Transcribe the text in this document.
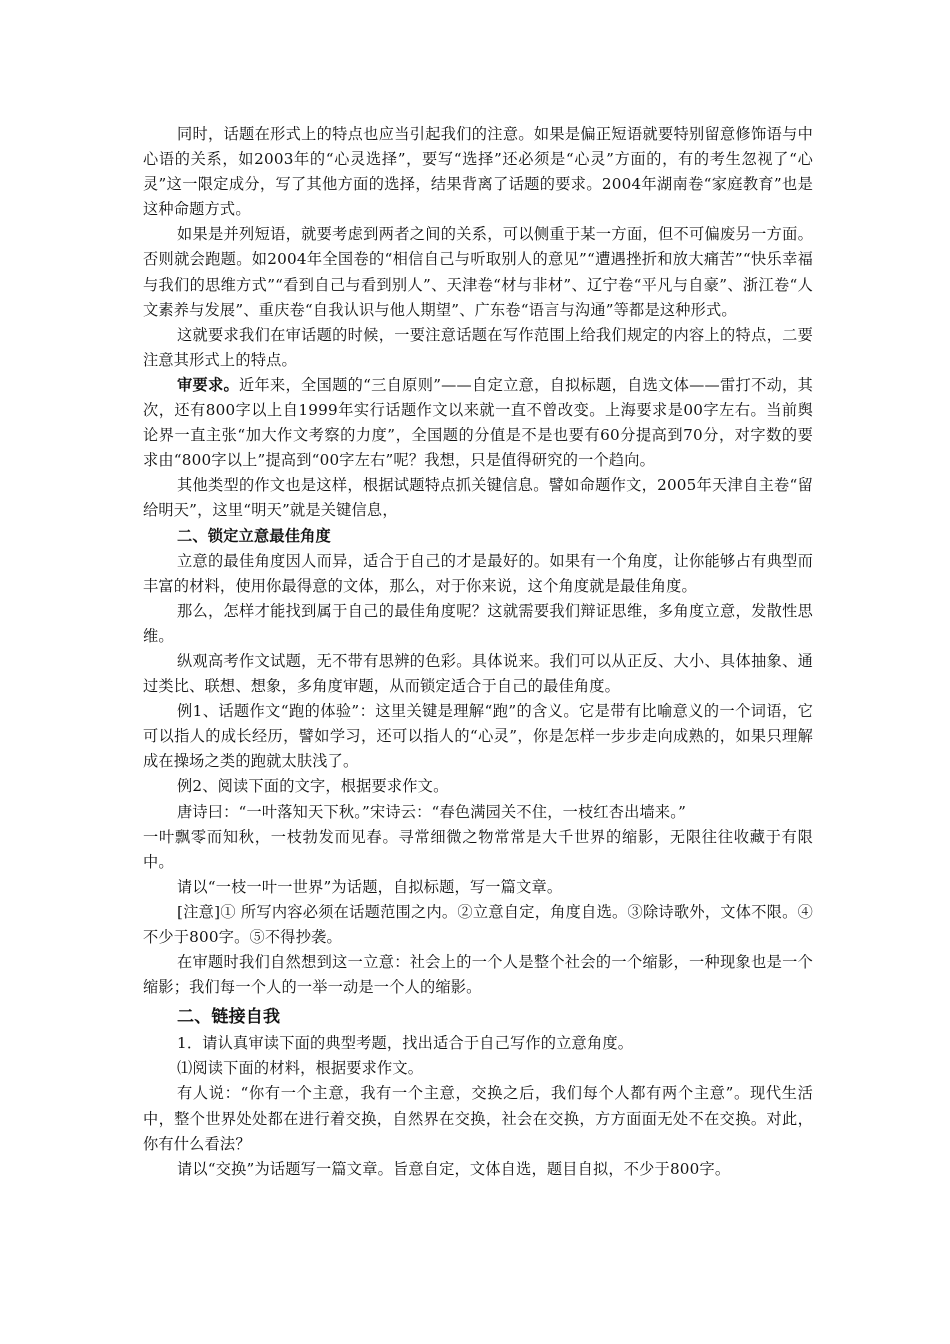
同时，话题在形式上的特点也应当引起我们的注意。如果是偏正短语就要特别留意修饰语与中心语的关系，如2003年的“心灵选择”，要写“选择”还必须是“心灵”方面的，有的考生忽视了“心灵”这一限定成分，写了其他方面的选择，结果背离了话题的要求。2004年湖南卷“家庭教育”也是这种命题方式。

如果是并列短语，就要考虑到两者之间的关系，可以侧重于某一方面，但不可偏废另一方面。否则就会跑题。如2004年全国卷的“相信自己与听取别人的意见”“遭遇挫折和放大痛苦”“快乐幸福与我们的思维方式”“看到自己与看到别人”、天津卷“材与非材”、辽宁卷“平凡与自豪”、浙江卷“人文素养与发展”、重庆卷“自我认识与他人期望”、广东卷“语言与沟通”等都是这种形式。

这就要求我们在审话题的时候，一要注意话题在写作范围上给我们规定的内容上的特点，二要注意其形式上的特点。

审要求。近年来，全国题的“三自原则”——自定立意，自拟标题，自选文体——雷打不动，其次，还有800字以上自1999年实行话题作文以来就一直不曾改变。上海要求是00字左右。当前舆论界一直主张“加大作文考察的力度”，全国题的分值是不是也要有60分提高到70分，对字数的要求由“800字以上”提高到“00字左右”呢？我想，只是值得研究的一个趋向。

其他类型的作文也是这样，根据试题特点抓关键信息。譬如命题作文，2005年天津自主卷“留给明天”，这里“明天”就是关键信息，

二、锁定立意最佳角度

立意的最佳角度因人而异，适合于自己的才是最好的。如果有一个角度，让你能够占有典型而丰富的材料，使用你最得意的文体，那么，对于你来说，这个角度就是最佳角度。

那么，怎样才能找到属于自己的最佳角度呢？这就需要我们辩证思维，多角度立意，发散性思维。

纵观高考作文试题，无不带有思辨的色彩。具体说来。我们可以从正反、大小、具体抽象、通过类比、联想、想象，多角度审题，从而锁定适合于自己的最佳角度。

例1、话题作文“跑的体验”：这里关键是理解“跑”的含义。它是带有比喻意义的一个词语，它可以指人的成长经历，譬如学习，还可以指人的“心灵”，你是怎样一步步走向成熟的，如果只理解成在操场之类的跑就太肤浅了。

例2、阅读下面的文字，根据要求作文。

唐诗曰：“一叶落知天下秋。”宋诗云：“春色满园关不住，一枝红杏出墙来。”

一叶飘零而知秋，一枝勃发而见春。寻常细微之物常常是大千世界的缩影，无限往往收藏于有限中。

请以“一枝一叶一世界”为话题，自拟标题，写一篇文章。

[注意]① 所写内容必须在话题范围之内。②立意自定，角度自选。③除诗歌外，文体不限。④不少于800字。⑤不得抄袭。

在审题时我们自然想到这一立意：社会上的一个人是整个社会的一个缩影，一种现象也是一个缩影；我们每一个人的一举一动是一个人的缩影。

二、链接自我

1．请认真审读下面的典型考题，找出适合于自己写作的立意角度。

⑴阅读下面的材料，根据要求作文。

有人说：“你有一个主意，我有一个主意，交换之后，我们每个人都有两个主意”。现代生活中，整个世界处处都在进行着交换，自然界在交换，社会在交换，方方面面无处不在交换。对此，你有什么看法？

请以“交换”为话题写一篇文章。旨意自定，文体自选，题目自拟，不少于800字。
